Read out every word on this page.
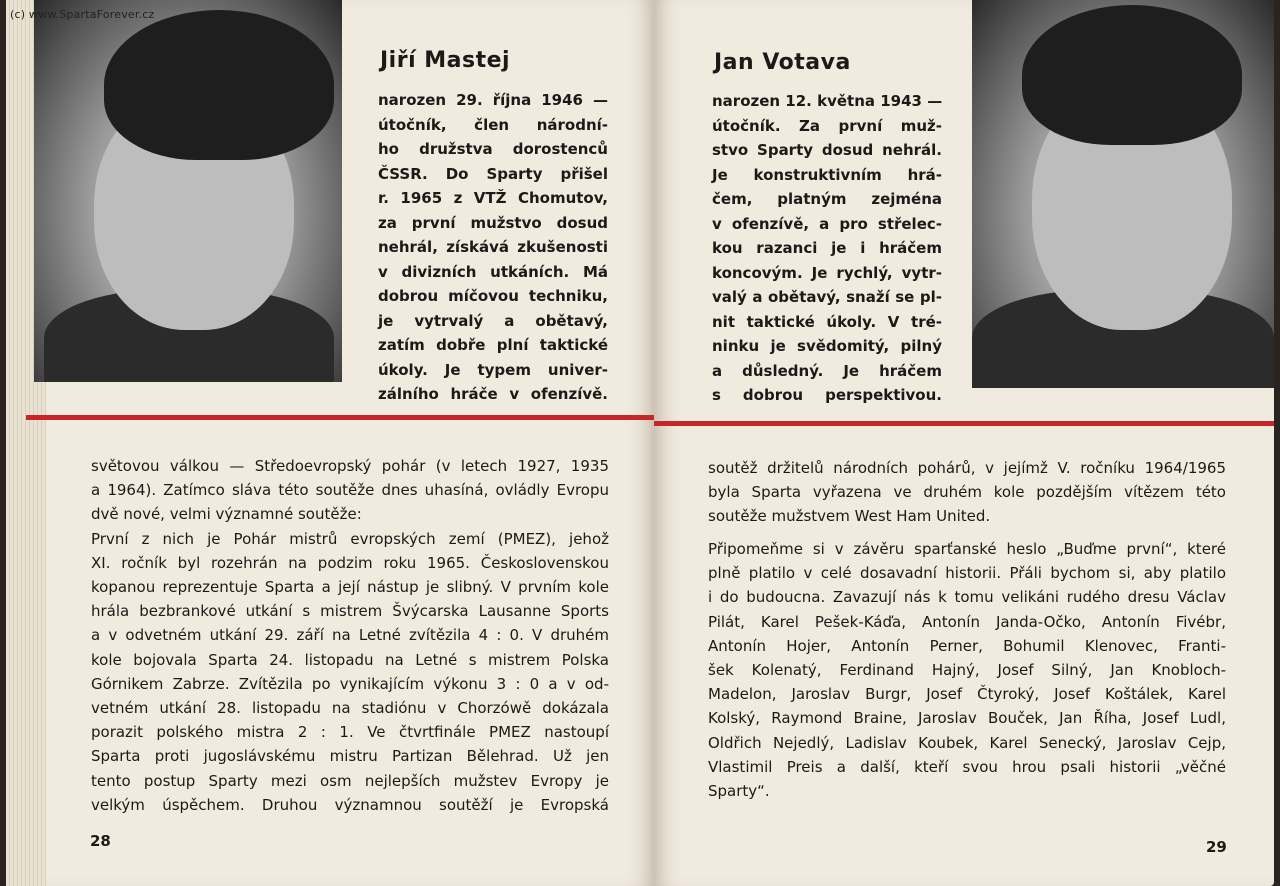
Jiří Mastej
narozen 29. října 1946 —
útočník, člen národní-
ho družstva dorostenců
ČSSR. Do Sparty přišel
r. 1965 z VTŽ Chomutov,
za první mužstvo dosud
nehrál, získává zkušenosti
v divizních utkáních. Má
dobrou míčovou techniku,
je vytrvalý a obětavý,
zatím dobře plní taktické
úkoly. Je typem univer-
zálního hráče v ofenzívě.
světovou válkou — Středoevropský pohár (v letech 1927, 1935
a 1964). Zatímco sláva této soutěže dnes uhasíná, ovládly Evropu
dvě nové, velmi významné soutěže:
První z nich je Pohár mistrů evropských zemí (PMEZ), jehož
XI. ročník byl rozehrán na podzim roku 1965. Československou
kopanou reprezentuje Sparta a její nástup je slibný. V prvním kole
hrála bezbrankové utkání s mistrem Švýcarska Lausanne Sports
a v odvetném utkání 29. září na Letné zvítězila 4 : 0. V druhém
kole bojovala Sparta 24. listopadu na Letné s mistrem Polska
Górnikem Zabrze. Zvítězila po vynikajícím výkonu 3 : 0 a v od-
vetném utkání 28. listopadu na stadiónu v Chorzówě dokázala
porazit polského mistra 2 : 1. Ve čtvrtfinále PMEZ nastoupí
Sparta proti jugoslávskému mistru Partizan Bělehrad. Už jen
tento postup Sparty mezi osm nejlepších mužstev Evropy je
velkým úspěchem. Druhou významnou soutěží je Evropská
28
Jan Votava
narozen 12. května 1943 —
útočník. Za první muž-
stvo Sparty dosud nehrál.
Je konstruktivním hrá-
čem, platným zejména
v ofenzívě, a pro střelec-
kou razanci je i hráčem
koncovým. Je rychlý, vytr-
valý a obětavý, snaží se pl-
nit taktické úkoly. V tré-
ninku je svědomitý, pilný
a důsledný. Je hráčem
s dobrou perspektivou.
soutěž držitelů národních pohárů, v jejímž V. ročníku 1964/1965
byla Sparta vyřazena ve druhém kole pozdějším vítězem této
soutěže mužstvem West Ham United.
Připomeňme si v závěru sparťanské heslo „Buďme první“, které
plně platilo v celé dosavadní historii. Přáli bychom si, aby platilo
i do budoucna. Zavazují nás k tomu velikáni rudého dresu Václav
Pilát, Karel Pešek-Káďa, Antonín Janda-Očko, Antonín Fivébr,
Antonín Hojer, Antonín Perner, Bohumil Klenovec, Franti-
šek Kolenatý, Ferdinand Hajný, Josef Silný, Jan Knobloch-
Madelon, Jaroslav Burgr, Josef Čtyroký, Josef Koštálek, Karel
Kolský, Raymond Braine, Jaroslav Bouček, Jan Říha, Josef Ludl,
Oldřich Nejedlý, Ladislav Koubek, Karel Senecký, Jaroslav Cejp,
Vlastimil Preis a další, kteří svou hrou psali historii „věčné
Sparty“.
29
(c) www.SpartaForever.cz
